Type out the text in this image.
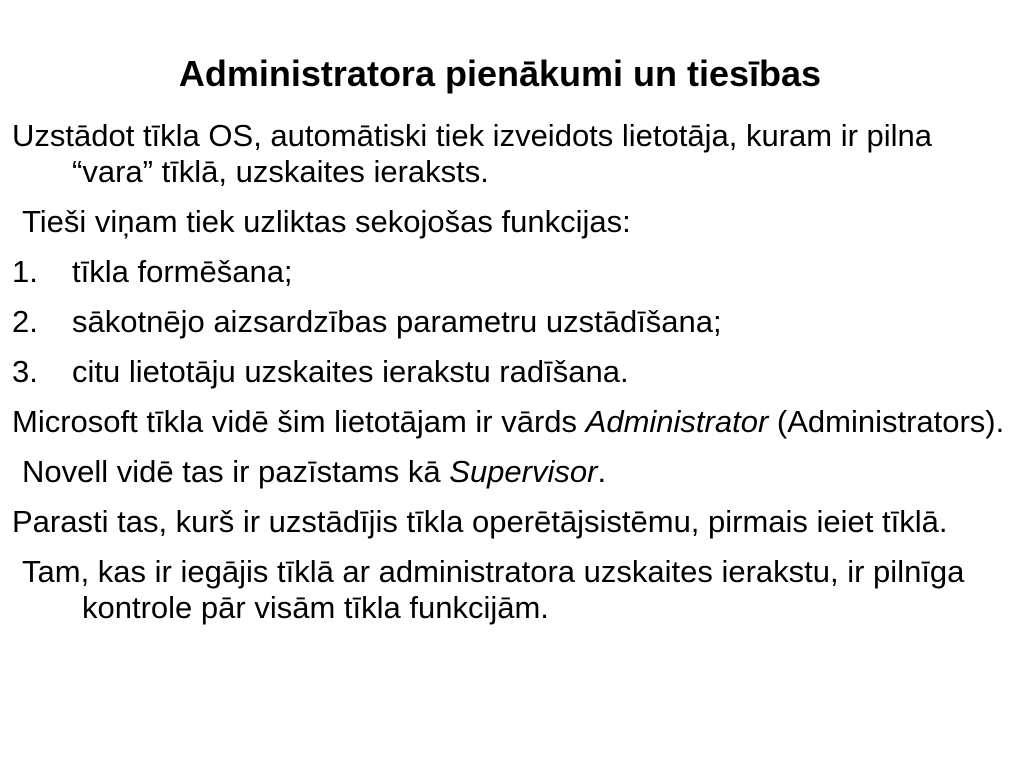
Administratora pienākumi un tiesības

Uzstādot tīkla OS, automātiski tiek izveidots lietotāja, kuram ir pilna “vara” tīklā, uzskaites ieraksts.

Tieši viņam tiek uzliktas sekojošas funkcijas:

1.	tīkla formēšana;
2.	sākotnējo aizsardzības parametru uzstādīšana;
3.	citu lietotāju uzskaites ierakstu radīšana.

Microsoft tīkla vidē šim lietotājam ir vārds Administrator (Administrators).

Novell vidē tas ir pazīstams kā Supervisor.

Parasti tas, kurš ir uzstādījis tīkla operētājsistēmu, pirmais ieiet tīklā.

Tam, kas ir iegājis tīklā ar administratora uzskaites ierakstu, ir pilnīga kontrole pār visām tīkla funkcijām.
